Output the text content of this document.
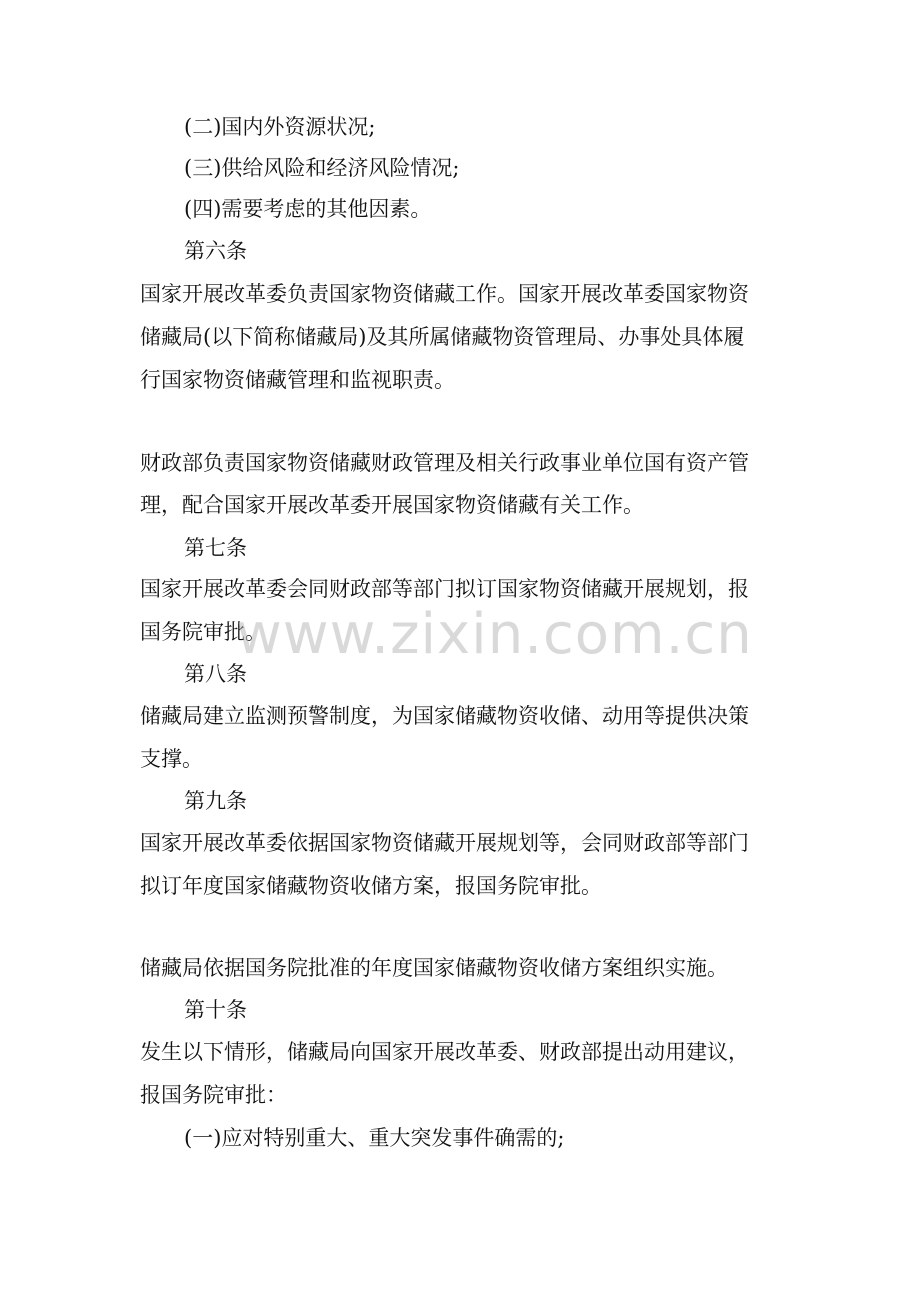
(二)国内外资源状况;

(三)供给风险和经济风险情况;

(四)需要考虑的其他因素。

第六条

国家开展改革委负责国家物资储藏工作。国家开展改革委国家物资

储藏局(以下简称储藏局)及其所属储藏物资管理局、办事处具体履

行国家物资储藏管理和监视职责。

财政部负责国家物资储藏财政管理及相关行政事业单位国有资产管

理，配合国家开展改革委开展国家物资储藏有关工作。

第七条

国家开展改革委会同财政部等部门拟订国家物资储藏开展规划，报

国务院审批。

第八条

储藏局建立监测预警制度，为国家储藏物资收储、动用等提供决策

支撑。

第九条

国家开展改革委依据国家物资储藏开展规划等，会同财政部等部门

拟订年度国家储藏物资收储方案，报国务院审批。

储藏局依据国务院批准的年度国家储藏物资收储方案组织实施。

第十条

发生以下情形，储藏局向国家开展改革委、财政部提出动用建议，

报国务院审批：

(一)应对特别重大、重大突发事件确需的;

www.zixin.com.cn
